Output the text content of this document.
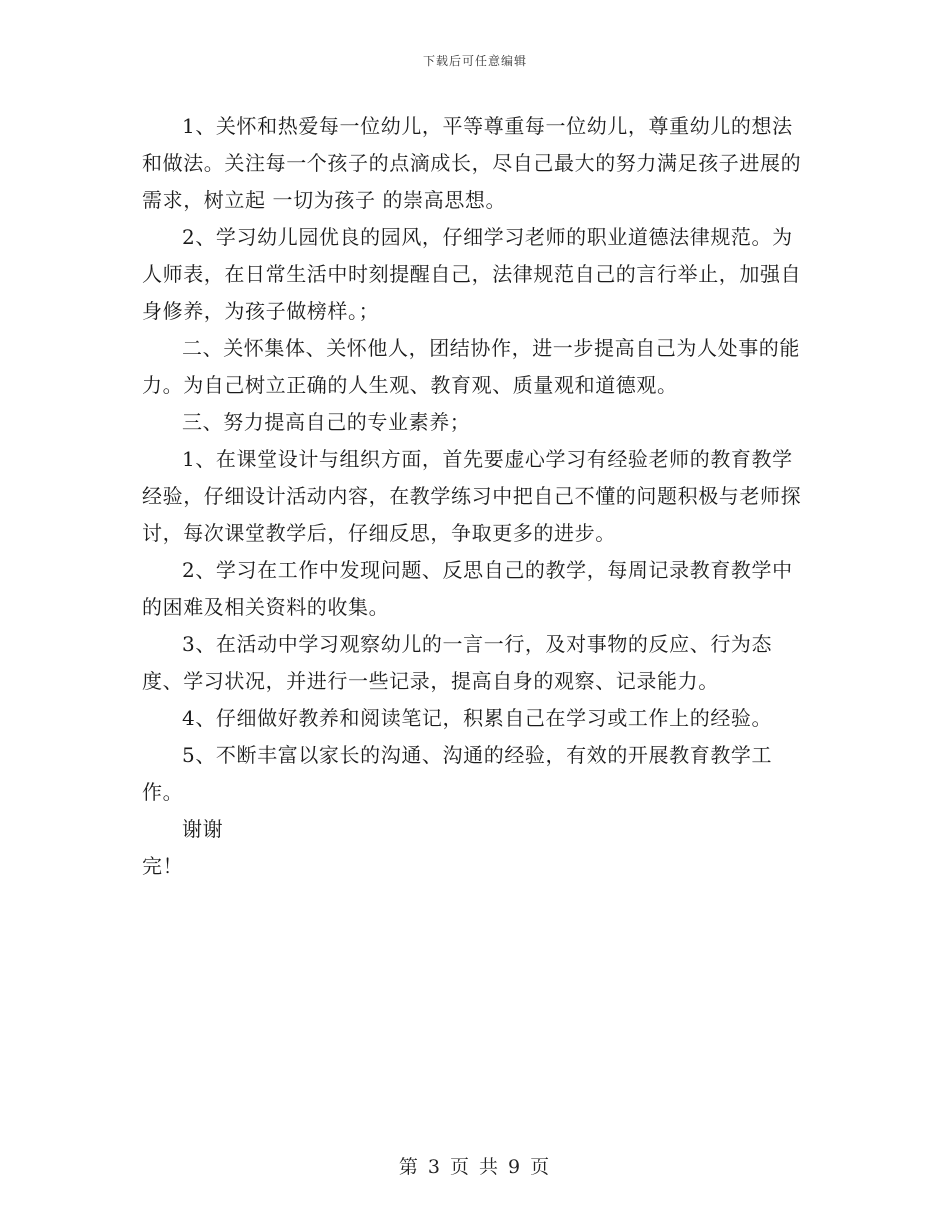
下载后可任意编辑

1、关怀和热爱每一位幼儿，平等尊重每一位幼儿，尊重幼儿的想法和做法。关注每一个孩子的点滴成长，尽自己最大的努力满足孩子进展的需求，树立起 一切为孩子 的崇高思想。

2、学习幼儿园优良的园风，仔细学习老师的职业道德法律规范。为人师表，在日常生活中时刻提醒自己，法律规范自己的言行举止，加强自身修养，为孩子做榜样。；

二、关怀集体、关怀他人，团结协作，进一步提高自己为人处事的能力。为自己树立正确的人生观、教育观、质量观和道德观。

三、努力提高自己的专业素养；

1、在课堂设计与组织方面，首先要虚心学习有经验老师的教育教学经验，仔细设计活动内容，在教学练习中把自己不懂的问题积极与老师探讨，每次课堂教学后，仔细反思，争取更多的进步。

2、学习在工作中发现问题、反思自己的教学，每周记录教育教学中的困难及相关资料的收集。

3、在活动中学习观察幼儿的一言一行，及对事物的反应、行为态度、学习状况，并进行一些记录，提高自身的观察、记录能力。

4、仔细做好教养和阅读笔记，积累自己在学习或工作上的经验。

5、不断丰富以家长的沟通、沟通的经验，有效的开展教育教学工作。

谢谢

完！

第 3 页 共 9 页
